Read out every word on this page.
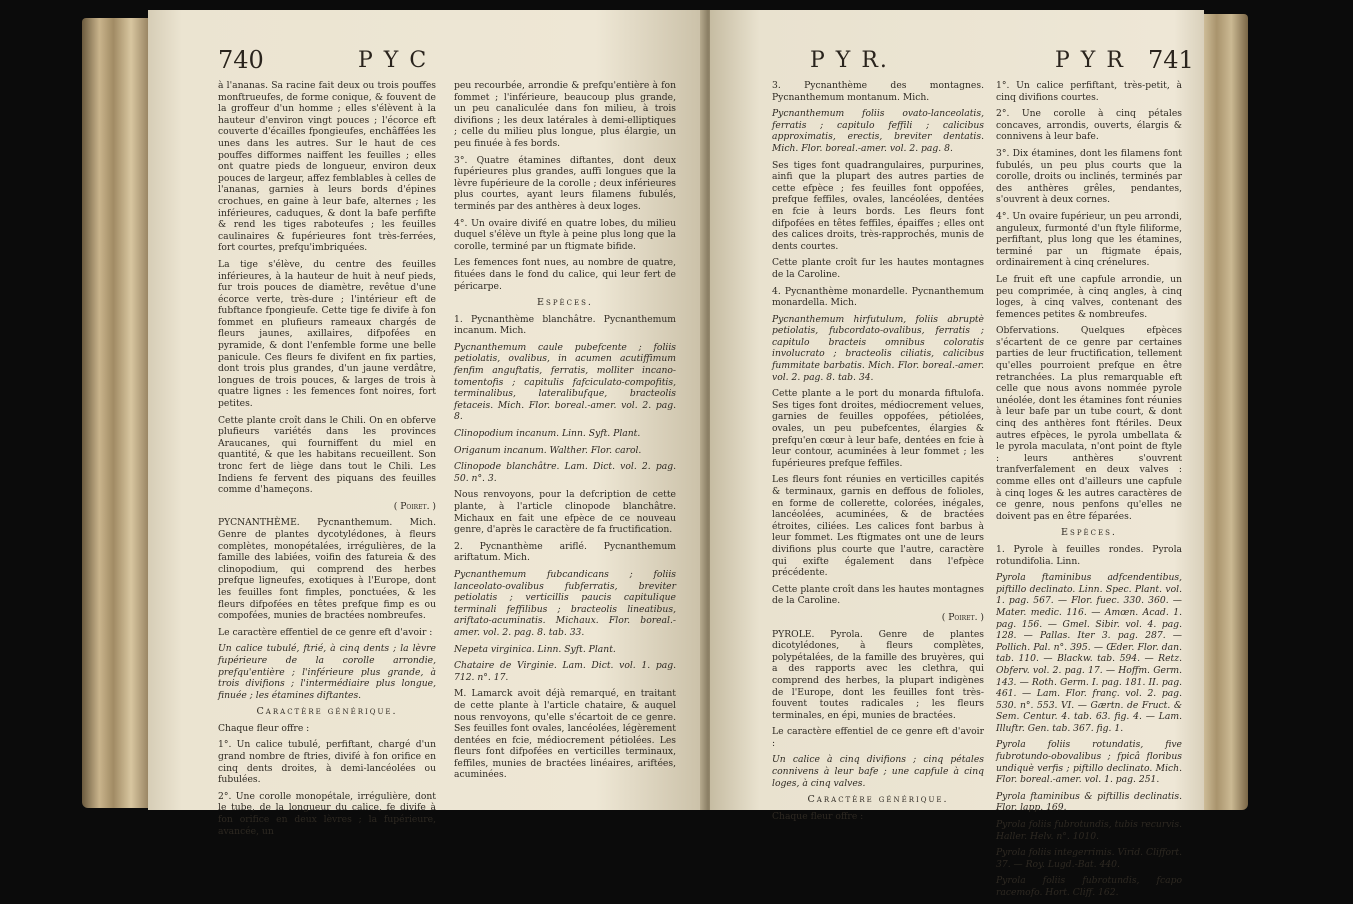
740	P Y C

à l'ananas. Sa racine fait deux ou trois pouffes monftrueufes, de forme conique, & fouvent de la groffeur d'un homme ; elles s'élèvent à la hauteur d'environ vingt pouces ; l'écorce eft couverte d'écailles fpongieufes, enchâffées les unes dans les autres. Sur le haut de ces pouffes difformes naiffent les feuilles ; elles ont quatre pieds de longueur, environ deux pouces de largeur, affez femblables à celles de l'ananas, garnies à leurs bords d'épines crochues, en gaine à leur bafe, alternes ; les inférieures, caduques, & dont la bafe perfifte & rend les tiges raboteufes ; les feuilles caulinaires & fupérieures font très-ferrées, fort courtes, prefqu'imbriquées.

La tige s'élève, du centre des feuilles inférieures, à la hauteur de huit à neuf pieds, fur trois pouces de diamètre, revêtue d'une écorce verte, très-dure ; l'intérieur eft de fubftance fpongieufe. Cette tige fe divife à fon fommet en plufieurs rameaux chargés de fleurs jaunes, axillaires, difpofées en pyramide, & dont l'enfemble forme une belle panicule. Ces fleurs fe divifent en fix parties, dont trois plus grandes, d'un jaune verdâtre, longues de trois pouces, & larges de trois à quatre lignes : les femences font noires, fort petites.

Cette plante croît dans le Chili. On en obferve plufieurs variétés dans les provinces Araucanes, qui fourniffent du miel en quantité, & que les habitans recueillent. Son tronc fert de liège dans tout le Chili. Les Indiens fe fervent des piquans des feuilles comme d'hameçons.

( Poiret. )

PYCNANTHÈME. Pycnanthemum. Mich. Genre de plantes dycotylédones, à fleurs complètes, monopétalées, irrégulières, de la famille des labiées, voifin des fatureia & des clinopodium, qui comprend des herbes prefque ligneufes, exotiques à l'Europe, dont les feuilles font fimples, ponctuées, & les fleurs difpofées en têtes prefque fimp es ou compofées, munies de bractées nombreufes.

Le caractère effentiel de ce genre eft d'avoir :

Un calice tubulé, ftrié, à cinq dents ; la lèvre fupérieure de la corolle arrondie, prefqu'entière ; l'inférieure plus grande, à trois divifions ; l'intermédiaire plus longue, finuée ; les étamines diftantes.

Caractère générique.

Chaque fleur offre :

1°. Un calice tubulé, perfiftant, chargé d'un grand nombre de ftries, divifé à fon orifice en cinq dents droites, à demi-lancéolées ou fubulées.

2°. Une corolle monopétale, irrégulière, dont le tube, de la longueur du calice, fe divife à fon orifice en deux lèvres ; la fupérieure, avancée, un

peu recourbée, arrondie & prefqu'entière à fon fommet ; l'inférieure, beaucoup plus grande, un peu canaliculée dans fon milieu, à trois divifions ; les deux latérales à demi-elliptiques ; celle du milieu plus longue, plus élargie, un peu finuée à fes bords.

3°. Quatre étamines diftantes, dont deux fupérieures plus grandes, auffi longues que la lèvre fupérieure de la corolle ; deux inférieures plus courtes, ayant leurs filamens fubulés, terminés par des anthères à deux loges.

4°. Un ovaire divifé en quatre lobes, du milieu duquel s'élève un ftyle à peine plus long que la corolle, terminé par un ftigmate bifide.

Les femences font nues, au nombre de quatre, fituées dans le fond du calice, qui leur fert de péricarpe.

Espèces.

1. Pycnanthème blanchâtre. Pycnanthemum incanum. Mich.

Pycnanthemum caule pubefcente ; foliis petiolatis, ovalibus, in acumen acutiffimum fenfim anguftatis, ferratis, molliter incano-tomentofis ; capitulis fafciculato-compofitis, terminalibus, lateralibufque, bracteolis fetaceis. Mich. Flor. boreal.-amer. vol. 2. pag. 8.

Clinopodium incanum. Linn. Syft. Plant.

Origanum incanum. Walther. Flor. carol.

Clinopode blanchâtre. Lam. Dict. vol. 2. pag. 50. n°. 3.

Nous renvoyons, pour la defcription de cette plante, à l'article clinopode blanchâtre. Michaux en fait une efpèce de ce nouveau genre, d'après le caractère de fa fructification.

2. Pycnanthème ariflé. Pycnanthemum ariftatum. Mich.

Pycnanthemum fubcandicans ; foliis lanceolato-ovalibus fubferratis, breviter petiolatis ; verticillis paucis capitulique terminali feffilibus ; bracteolis lineatibus, ariftato-acuminatis. Michaux. Flor. boreal.-amer. vol. 2. pag. 8. tab. 33.

Nepeta virginica. Linn. Syft. Plant.

Chataire de Virginie. Lam. Dict. vol. 1. pag. 712. n°. 17.

M. Lamarck avoit déjà remarqué, en traitant de cette plante à l'article chataire, & auquel nous renvoyons, qu'elle s'écartoit de ce genre. Ses feuilles font ovales, lancéolées, légèrement dentées en fcie, médiocrement pétiolées. Les fleurs font difpofées en verticilles terminaux, feffiles, munies de bractées linéaires, ariftées, acuminées.

P Y R.	P Y R 741

3. Pycnanthème des montagnes. Pycnanthemum montanum. Mich.

Pycnanthemum foliis ovato-lanceolatis, ferratis ; capitulo feffili ; calicibus approximatis, erectis, breviter dentatis. Mich. Flor. boreal.-amer. vol. 2. pag. 8.

Ses tiges font quadrangulaires, purpurines, ainfi que la plupart des autres parties de cette efpèce ; fes feuilles font oppofées, prefque feffiles, ovales, lancéolées, dentées en fcie à leurs bords. Les fleurs font difpofées en têtes feffiles, épaiffes ; elles ont des calices droits, très-rapprochés, munis de dents courtes.

Cette plante croît fur les hautes montagnes de la Caroline.

4. Pycnanthème monardelle. Pycnanthemum monardella. Mich.

Pycnanthemum hirfutulum, foliis abruptè petiolatis, fubcordato-ovalibus, ferratis ; capitulo bracteis omnibus coloratis involucrato ; bracteolis ciliatis, calicibus fummitate barbatis. Mich. Flor. boreal.-amer. vol. 2. pag. 8. tab. 34.

Cette plante a le port du monarda fiftulofa. Ses tiges font droites, médiocrement velues, garnies de feuilles oppofées, pétiolées, ovales, un peu pubefcentes, élargies & prefqu'en cœur à leur bafe, dentées en fcie à leur contour, acuminées à leur fommet ; les fupérieures prefque feffiles.

Les fleurs font réunies en verticilles capités & terminaux, garnis en deffous de folioles, en forme de collerette, colorées, inégales, lancéolées, acuminées, & de bractées étroites, ciliées. Les calices font barbus à leur fommet. Les ftigmates ont une de leurs divifions plus courte que l'autre, caractère qui exifte également dans l'efpèce précédente.

Cette plante croît dans les hautes montagnes de la Caroline.

( Poiret. )

PYROLE. Pyrola. Genre de plantes dicotylédones, à fleurs complètes, polypétalées, de la famille des bruyères, qui a des rapports avec les clethra, qui comprend des herbes, la plupart indigènes de l'Europe, dont les feuilles font très-fouvent toutes radicales ; les fleurs terminales, en épi, munies de bractées.

Le caractère effentiel de ce genre eft d'avoir :

Un calice à cinq divifions ; cinq pétales connivens à leur bafe ; une capfule à cinq loges, à cinq valves.

Caractère générique.

Chaque fleur offre :

1°. Un calice perfiftant, très-petit, à cinq divifions courtes.

2°. Une corolle à cinq pétales concaves, arrondis, ouverts, élargis & connivens à leur bafe.

3°. Dix étamines, dont les filamens font fubulés, un peu plus courts que la corolle, droits ou inclinés, terminés par des anthères grêles, pendantes, s'ouvrent à deux cornes.

4°. Un ovaire fupérieur, un peu arrondi, anguleux, furmonté d'un ftyle filiforme, perfiftant, plus long que les étamines, terminé par un ftigmate épais, ordinairement à cinq crénelures.

Le fruit eft une capfule arrondie, un peu comprimée, à cinq angles, à cinq loges, à cinq valves, contenant des femences petites & nombreufes.

Obfervations. Quelques efpèces s'écartent de ce genre par certaines parties de leur fructification, tellement qu'elles pourroient prefque en être retranchées. La plus remarquable eft celle que nous avons nommée pyrole unéolée, dont les étamines font réunies à leur bafe par un tube court, & dont cinq des anthères font ftériles. Deux autres efpèces, le pyrola umbellata & le pyrola maculata, n'ont point de ftyle : leurs anthères s'ouvrent tranfverfalement en deux valves : comme elles ont d'ailleurs une capfule à cinq loges & les autres caractères de ce genre, nous penfons qu'elles ne doivent pas en être féparées.

Espèces.

1. Pyrole à feuilles rondes. Pyrola rotundifolia. Linn.

Pyrola ftaminibus adfcendentibus, piftillo declinato. Linn. Spec. Plant. vol. 1. pag. 567. — Flor. fuec. 330. 360. — Mater. medic. 116. — Amœn. Acad. 1. pag. 156. — Gmel. Sibir. vol. 4. pag. 128. — Pallas. Iter 3. pag. 287. — Pollich. Pal. n°. 395. — Œder. Flor. dan. tab. 110. — Blackw. tab. 594. — Retz. Obferv. vol. 2. pag. 17. — Hoffm. Germ. 143. — Roth. Germ. I. pag. 181. II. pag. 461. — Lam. Flor. franç. vol. 2. pag. 530. n°. 553. VI. — Gærtn. de Fruct. & Sem. Centur. 4. tab. 63. fig. 4. — Lam. Illuftr. Gen. tab. 367. fig. 1.

Pyrola foliis rotundatis, five fubrotundo-obovalibus ; fpicâ floribus undiquè verfis ; piftillo declinato. Mich. Flor. boreal.-amer. vol. 1. pag. 251.

Pyrola ftaminibus & piftillis declinatis. Flor. lapp. 169.

Pyrola foliis fubrotundis, tubis recurvis. Haller. Helv. n°. 1010.

Pyrola foliis integerrimis. Virid. Cliffort. 37. — Roy. Lugd.-Bat. 440.

Pyrola foliis fubrotundis, fcapo racemofo. Hort. Cliff. 162.
